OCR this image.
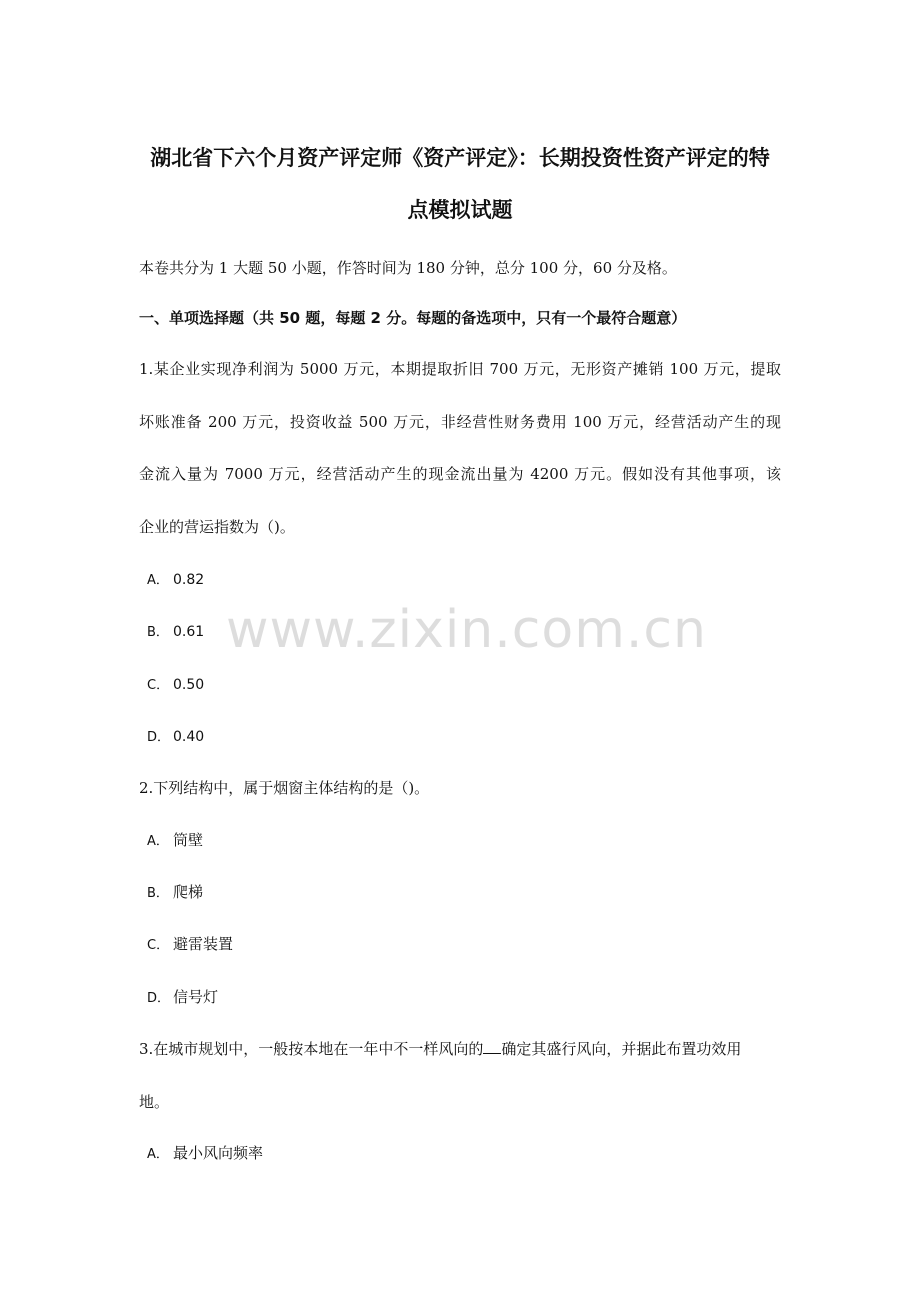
湖北省下六个月资产评定师《资产评定》：长期投资性资产评定的特
点模拟试题
本卷共分为 1 大题 50 小题，作答时间为 180 分钟，总分 100 分，60 分及格。
一、单项选择题（共 50 题，每题 2 分。每题的备选项中，只有一个最符合题意）
1.某企业实现净利润为 5000 万元，本期提取折旧 700 万元，无形资产摊销 100 万元，提取
坏账准备 200 万元，投资收益 500 万元，非经营性财务费用 100 万元，经营活动产生的现
金流入量为 7000 万元，经营活动产生的现金流出量为 4200 万元。假如没有其他事项，该
企业的营运指数为（)。
A． 0.82
B． 0.61
C． 0.50
D． 0.40
2.下列结构中，属于烟窗主体结构的是（)。
A． 筒壁
B． 爬梯
C． 避雷装置
D． 信号灯
3.在城市规划中，一般按本地在一年中不一样风向的 确定其盛行风向，并据此布置功效用
地。
A． 最小风向频率
www.zixin.com.cn
